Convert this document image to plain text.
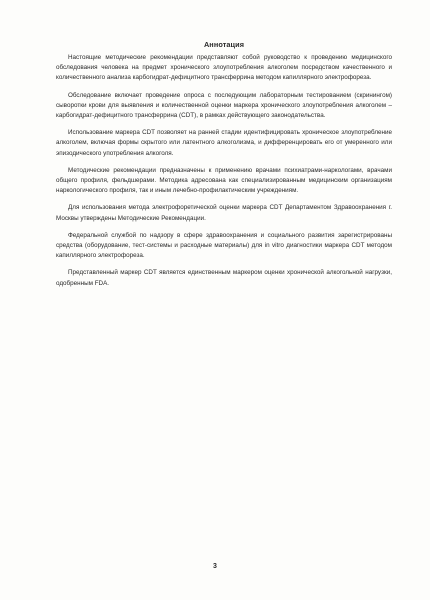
Аннотация

Настоящие методические рекомендации представляют собой руководство к проведению медицинского обследования человека на предмет хронического злоупотребления алкоголем посредством качественного и количественного анализа карбогидрат-дефицитного трансферрина методом капиллярного электрофореза.

Обследование включает проведение опроса с последующим лабораторным тестированием (скринингом) сыворотки крови для выявления и количественной оценки маркера хронического злоупотребления алкоголем – карбогидрат-дефицитного трансферрина (CDT), в рамках действующего законодательства.

Использование маркера CDT позволяет на ранней стадии идентифицировать хроническое злоупотребление алкоголем, включая формы скрытого или латентного алкоголизма, и дифференцировать его от умеренного или эпизодического употребления алкоголя.

Методические рекомендации предназначены к применению врачами психиатрами-наркологами, врачами общего профиля, фельдшерами. Методика адресована как специализированным медицинским организациям наркологического профиля, так и иным лечебно-профилактическим учреждениям.

Для использования метода электрофоретической оценки маркера CDT Департаментом Здравоохранения г. Москвы утверждены Методические Рекомендации.

Федеральной службой по надзору в сфере здравоохранения и социального развития зарегистрированы средства (оборудование, тест-системы и расходные материалы) для in vitro диагностики маркера CDT методом капиллярного электрофореза.

Представленный маркер CDT является единственным маркером оценки хронической алкогольной нагрузки, одобренным FDA.

3
